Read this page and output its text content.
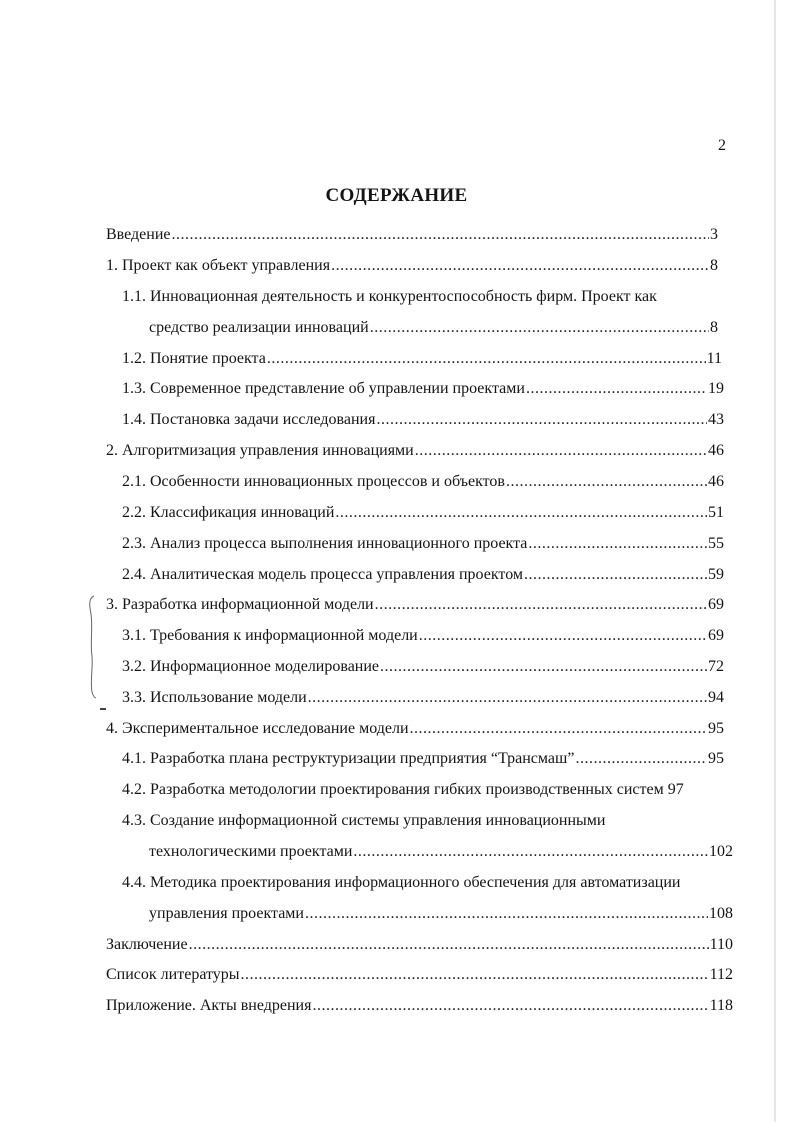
2
СОДЕРЖАНИЕ
Введение .....	3
1. Проект как объект управления .....	8
1.1. Инновационная деятельность и конкурентоспособность фирм. Проект как
средство реализации инноваций .....	8
1.2. Понятие проекта .....	11
1.3. Современное представление об управлении проектами .....	19
1.4. Постановка задачи исследования .....	43
2. Алгоритмизация управления инновациями .....	46
2.1. Особенности инновационных процессов и объектов .....	46
2.2. Классификация инноваций .....	51
2.3. Анализ процесса выполнения инновационного проекта .....	55
2.4. Аналитическая модель процесса управления проектом .....	59
3. Разработка информационной модели .....	69
3.1. Требования к информационной модели .....	69
3.2. Информационное моделирование .....	72
3.3. Использование модели .....	94
4. Экспериментальное исследование модели .....	95
4.1. Разработка плана реструктуризации предприятия “Трансмаш” .....	95
4.2. Разработка методологии проектирования гибких производственных систем 97
4.3. Создание информационной системы управления инновационными
технологическими проектами .....	102
4.4. Методика проектирования информационного обеспечения для автоматизации
управления проектами .....	108
Заключение .....	110
Список литературы .....	112
Приложение. Акты внедрения .....	118
